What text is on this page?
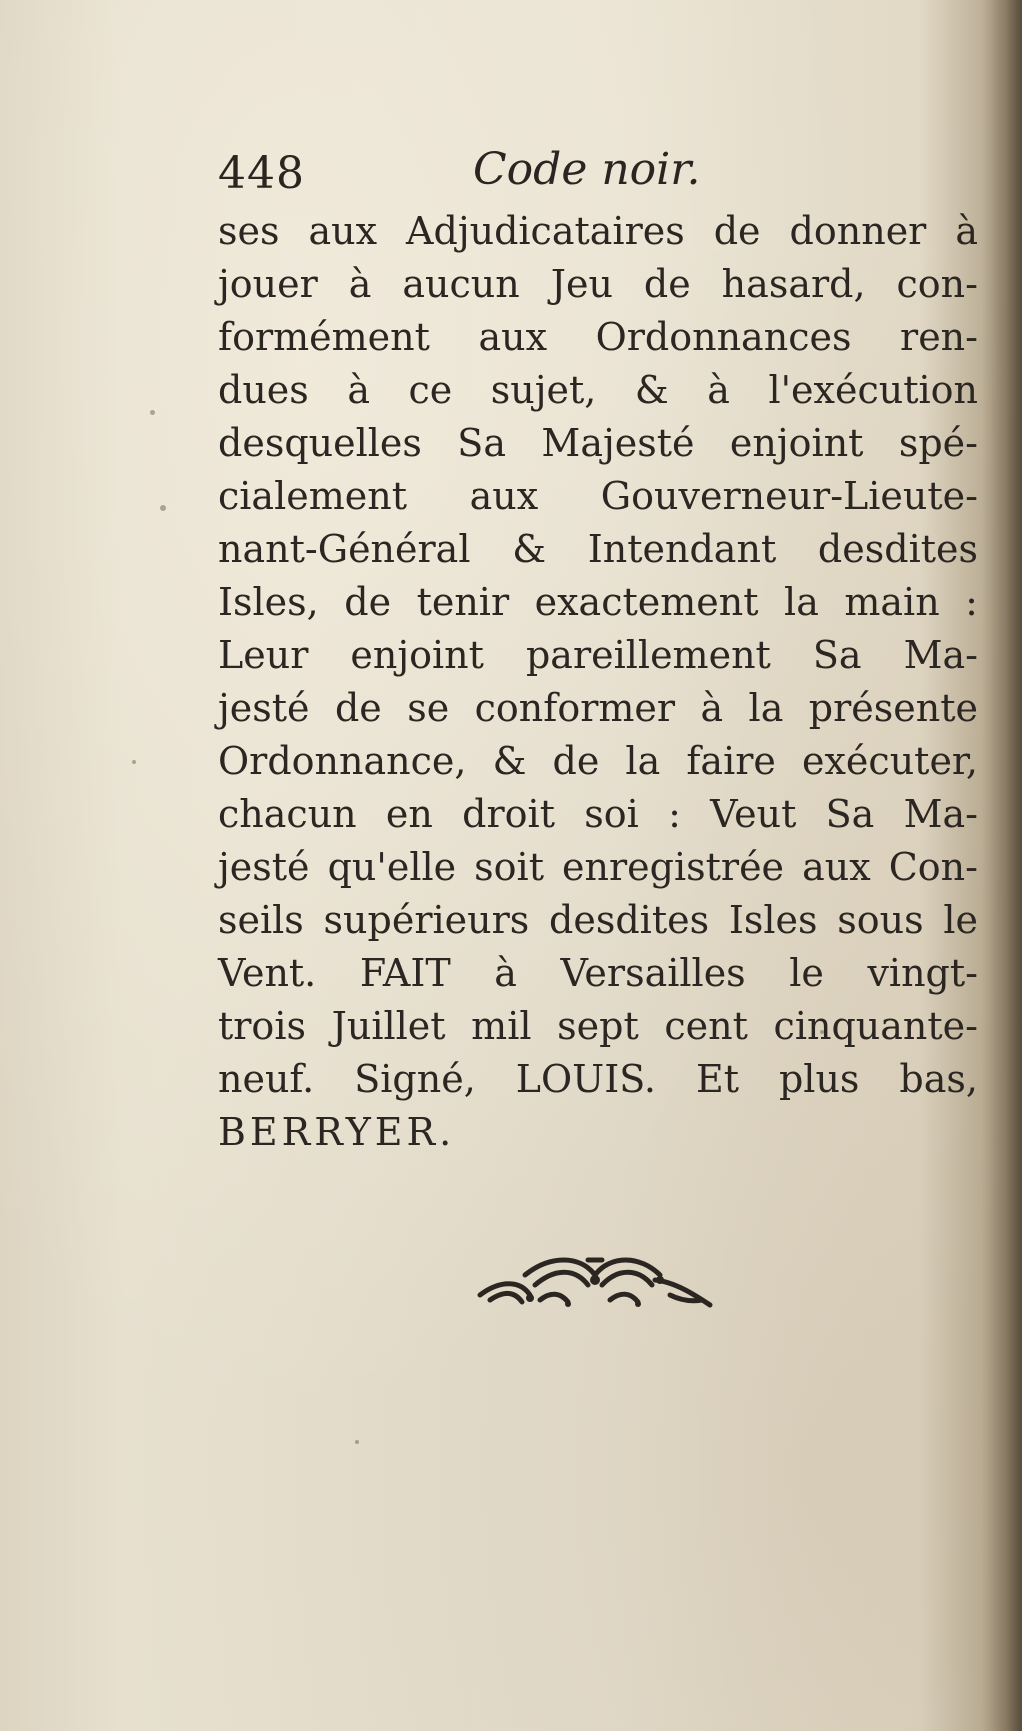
448	Code noir.
ses aux Adjudicataires de donner à
jouer à aucun Jeu de hasard, con-
formément aux Ordonnances ren-
dues à ce sujet, & à l'exécution
desquelles Sa Majesté enjoint spé-
cialement aux Gouverneur-Lieute-
nant-Général & Intendant desdites
Isles, de tenir exactement la main :
Leur enjoint pareillement Sa Ma-
jesté de se conformer à la présente
Ordonnance, & de la faire exécuter,
chacun en droit soi : Veut Sa Ma-
jesté qu'elle soit enregistrée aux Con-
seils supérieurs desdites Isles sous le
Vent. FAIT à Versailles le vingt-
trois Juillet mil sept cent cinquante-
neuf. Signé, LOUIS. Et plus bas,
BERRYER.
